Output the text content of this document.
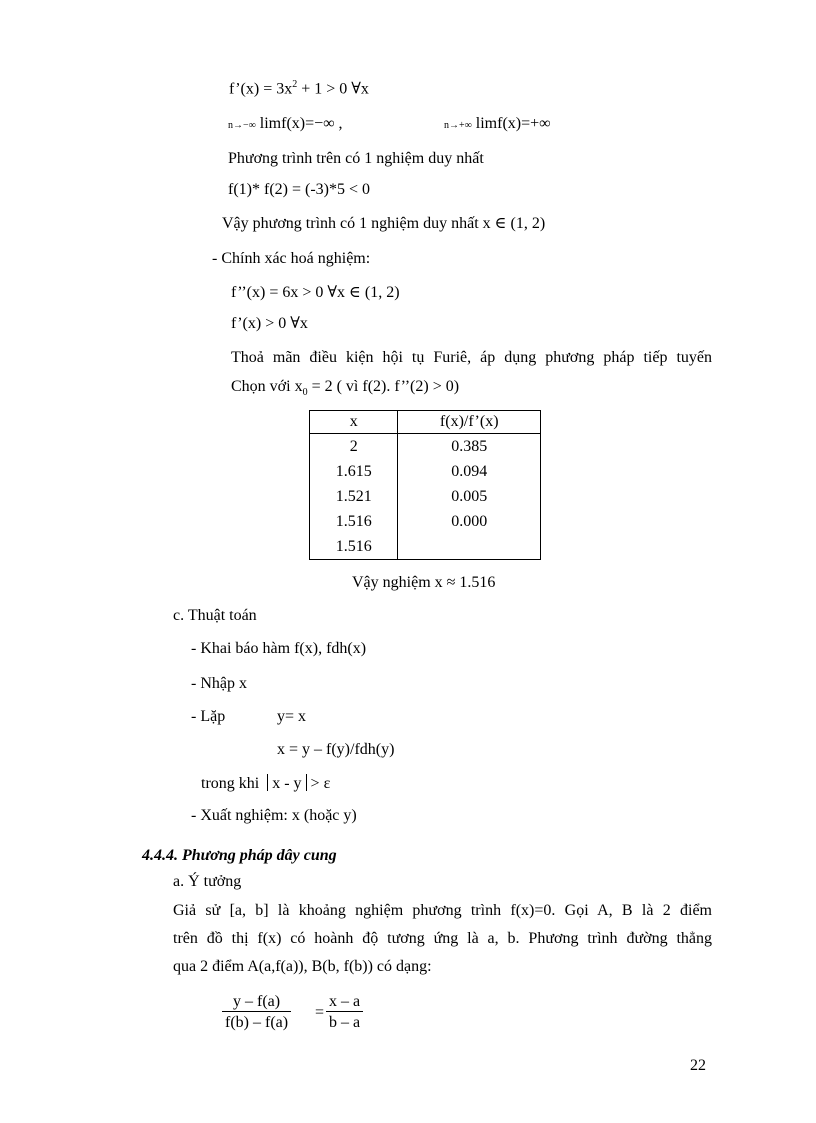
f’(x) = $3x^2 + 1 > 0$ ∀x
n→−∞ limf(x)=−∞ ,	n→+∞ limf(x)=+∞
Phương trình trên có 1 nghiệm duy nhất
f(1)* f(2) = (-3)*5 < 0
Vậy phương trình có 1 nghiệm duy nhất x ∈ (1, 2)
- Chính xác hoá nghiệm:
f’’(x) = 6x > 0 ∀x ∈ (1, 2)
f’(x) > 0 ∀x
Thoả mãn điều kiện hội tụ Furiê, áp dụng phương pháp tiếp tuyến
Chọn với $x_0 = 2$ ( vì f(2). f’’(2) > 0)
x	f(x)/f’(x)
2	0.385
1.615	0.094
1.521	0.005
1.516	0.000
1.516	
Vậy nghiệm x ≈ 1.516
c. Thuật toán
- Khai báo hàm f(x), fdh(x)
- Nhập x
- Lặp	y= x
x = y – f(y)/fdh(y)
trong khi x - y > ε
- Xuất nghiệm: x (hoặc y)
4.4.4. Phương pháp dây cung
a. Ý tưởng
Giả sử [a, b] là khoảng nghiệm phương trình f(x)=0. Gọi A, B là 2 điểm
trên đồ thị f(x) có hoành độ tương ứng là a, b. Phương trình đường thẳng
qua 2 điểm A(a,f(a)), B(b, f(b)) có dạng:
$\frac{y - f(a)}{f(b) - f(a)} = \frac{x - a}{b - a}$
22
